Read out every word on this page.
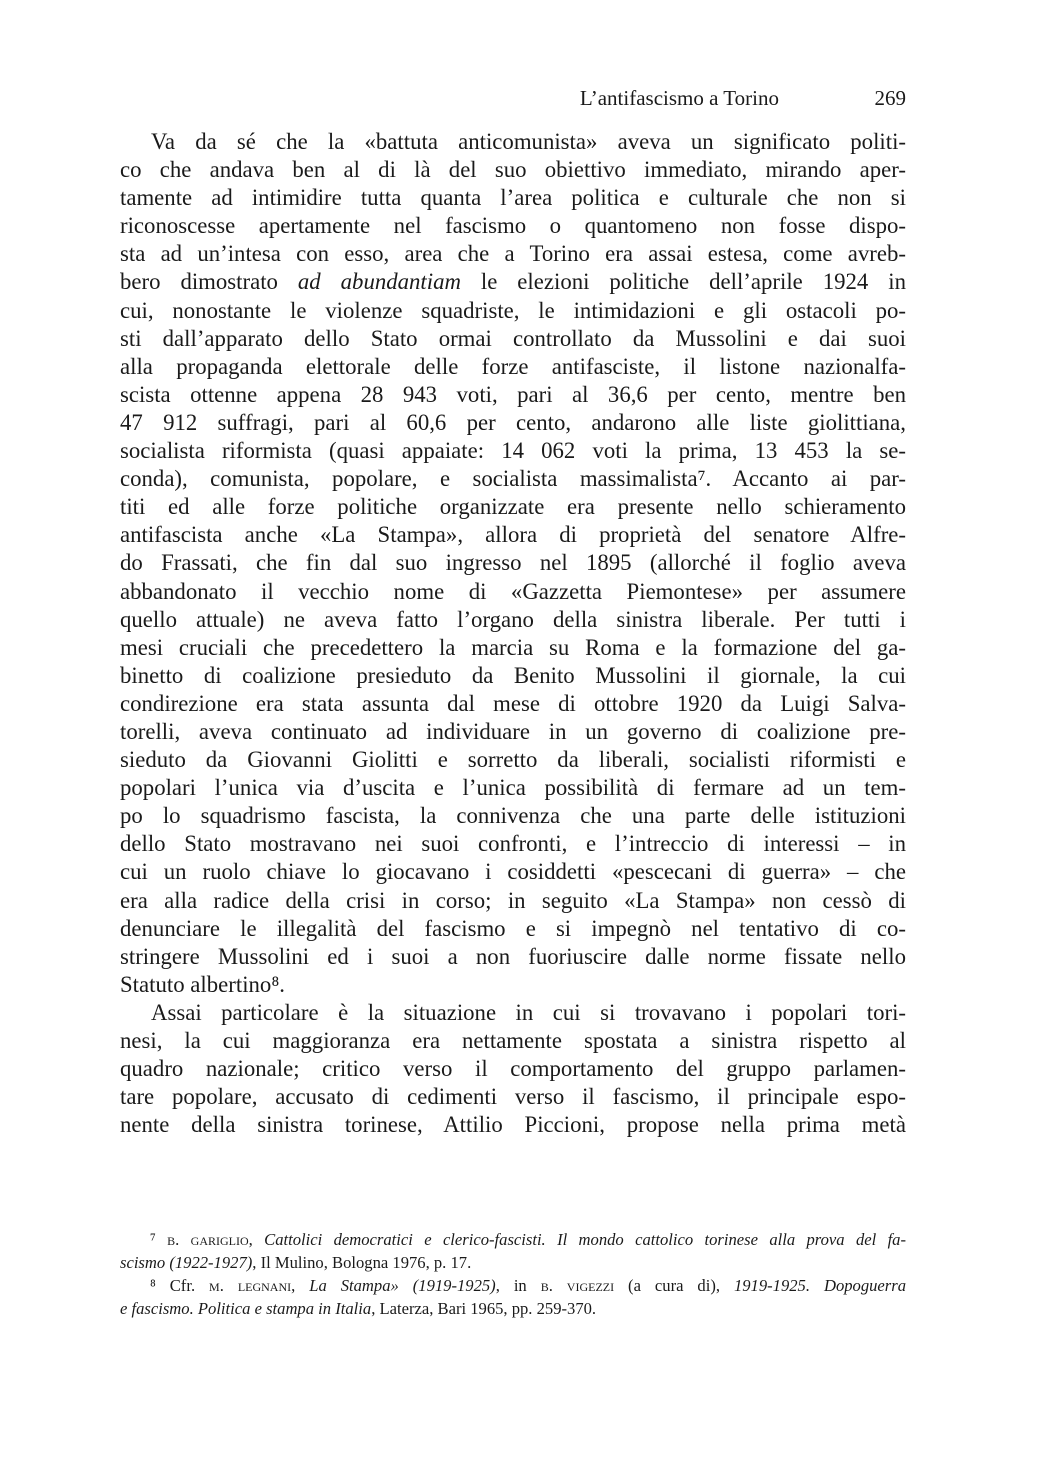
L’antifascismo a Torino	269
Va da sé che la «battuta anticomunista» aveva un significato politi-
co che andava ben al di là del suo obiettivo immediato, mirando aper-
tamente ad intimidire tutta quanta l’area politica e culturale che non si
riconoscesse apertamente nel fascismo o quantomeno non fosse dispo-
sta ad un’intesa con esso, area che a Torino era assai estesa, come avreb-
bero dimostrato ad abundantiam le elezioni politiche dell’aprile 1924 in
cui, nonostante le violenze squadriste, le intimidazioni e gli ostacoli po-
sti dall’apparato dello Stato ormai controllato da Mussolini e dai suoi
alla propaganda elettorale delle forze antifasciste, il listone nazionalfa-
scista ottenne appena 28 943 voti, pari al 36,6 per cento, mentre ben
47 912 suffragi, pari al 60,6 per cento, andarono alle liste giolittiana,
socialista riformista (quasi appaiate: 14 062 voti la prima, 13 453 la se-
conda), comunista, popolare, e socialista massimalista⁷. Accanto ai par-
titi ed alle forze politiche organizzate era presente nello schieramento
antifascista anche «La Stampa», allora di proprietà del senatore Alfre-
do Frassati, che fin dal suo ingresso nel 1895 (allorché il foglio aveva
abbandonato il vecchio nome di «Gazzetta Piemontese» per assumere
quello attuale) ne aveva fatto l’organo della sinistra liberale. Per tutti i
mesi cruciali che precedettero la marcia su Roma e la formazione del ga-
binetto di coalizione presieduto da Benito Mussolini il giornale, la cui
condirezione era stata assunta dal mese di ottobre 1920 da Luigi Salva-
torelli, aveva continuato ad individuare in un governo di coalizione pre-
sieduto da Giovanni Giolitti e sorretto da liberali, socialisti riformisti e
popolari l’unica via d’uscita e l’unica possibilità di fermare ad un tem-
po lo squadrismo fascista, la connivenza che una parte delle istituzioni
dello Stato mostravano nei suoi confronti, e l’intreccio di interessi – in
cui un ruolo chiave lo giocavano i cosiddetti «pescecani di guerra» – che
era alla radice della crisi in corso; in seguito «La Stampa» non cessò di
denunciare le illegalità del fascismo e si impegnò nel tentativo di co-
stringere Mussolini ed i suoi a non fuoriuscire dalle norme fissate nello
Statuto albertino⁸.
Assai particolare è la situazione in cui si trovavano i popolari tori-
nesi, la cui maggioranza era nettamente spostata a sinistra rispetto al
quadro nazionale; critico verso il comportamento del gruppo parlamen-
tare popolare, accusato di cedimenti verso il fascismo, il principale espo-
nente della sinistra torinese, Attilio Piccioni, propose nella prima metà
⁷ b. gariglio, Cattolici democratici e clerico-fascisti. Il mondo cattolico torinese alla prova del fa-
scismo (1922-1927), Il Mulino, Bologna 1976, p. 17.
⁸ Cfr. m. legnani, La Stampa» (1919-1925), in b. vigezzi (a cura di), 1919-1925. Dopoguerra
e fascismo. Politica e stampa in Italia, Laterza, Bari 1965, pp. 259-370.
